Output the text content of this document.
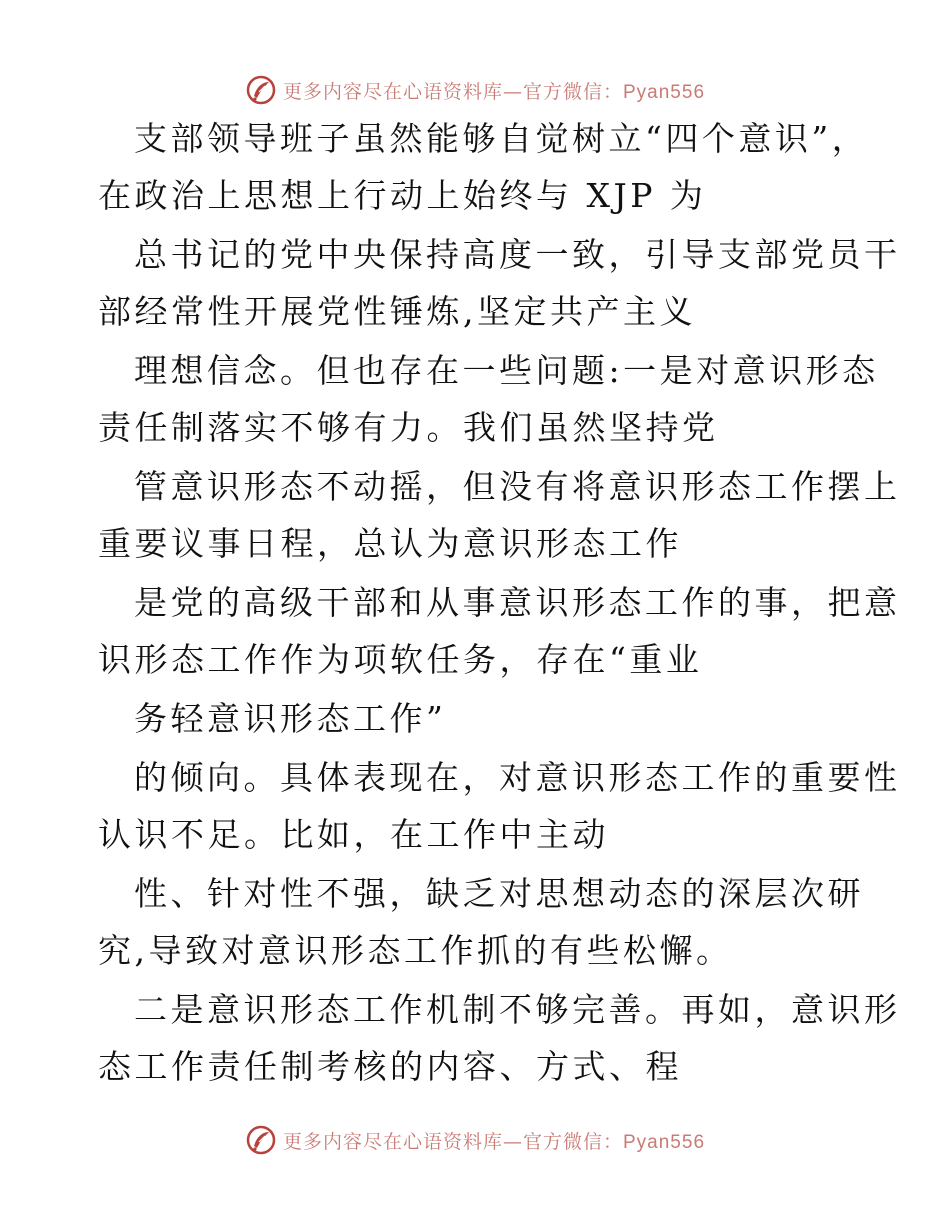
更多内容尽在心语资料库—官方微信：Pyan556
支部领导班子虽然能够自觉树立“四个意识”，
在政治上思想上行动上始终与 XJP 为
总书记的党中央保持高度一致，引导支部党员干
部经常性开展党性锤炼,坚定共产主义
理想信念。但也存在一些问题:一是对意识形态
责任制落实不够有力。我们虽然坚持党
管意识形态不动摇，但没有将意识形态工作摆上
重要议事日程，总认为意识形态工作
是党的高级干部和从事意识形态工作的事，把意
识形态工作作为项软任务，存在“重业
务轻意识形态工作”
的倾向。具体表现在，对意识形态工作的重要性
认识不足。比如，在工作中主动
性、针对性不强，缺乏对思想动态的深层次研
究,导致对意识形态工作抓的有些松懈。
二是意识形态工作机制不够完善。再如，意识形
态工作责任制考核的内容、方式、程
更多内容尽在心语资料库—官方微信：Pyan556
